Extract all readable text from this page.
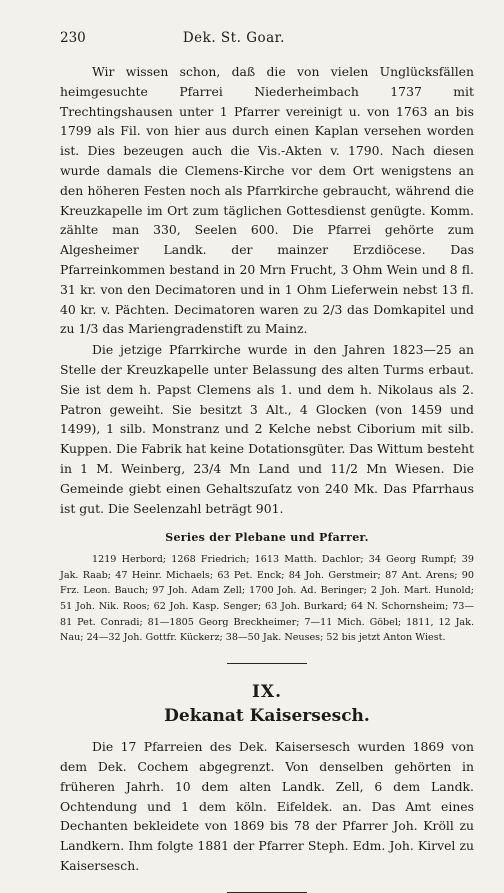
230	Dek. St. Goar.

Wir wissen schon, daß die von vielen Unglücksfällen heimgesuchte Pfarrei Niederheimbach 1737 mit Trechtingshausen unter 1 Pfarrer vereinigt u. von 1763 an bis 1799 als Fil. von hier aus durch einen Kaplan versehen worden ist. Dies bezeugen auch die Vis.-Akten v. 1790. Nach diesen wurde damals die Clemens-Kirche vor dem Ort wenigstens an den höheren Festen noch als Pfarrkirche gebraucht, während die Kreuzkapelle im Ort zum täglichen Gottesdienst genügte. Komm. zählte man 330, Seelen 600. Die Pfarrei gehörte zum Algesheimer Landk. der mainzer Erzdiöcese. Das Pfarreinkommen bestand in 20 Mrn Frucht, 3 Ohm Wein und 8 fl. 31 kr. von den Decimatoren und in 1 Ohm Lieferwein nebst 13 fl. 40 kr. v. Pächten. Decimatoren waren zu 2/3 das Domkapitel und zu 1/3 das Mariengradenstift zu Mainz.

Die jetzige Pfarrkirche wurde in den Jahren 1823—25 an Stelle der Kreuzkapelle unter Belassung des alten Turms erbaut. Sie ist dem h. Papst Clemens als 1. und dem h. Nikolaus als 2. Patron geweiht. Sie besitzt 3 Alt., 4 Glocken (von 1459 und 1499), 1 silb. Monstranz und 2 Kelche nebst Ciborium mit silb. Kuppen. Die Fabrik hat keine Dotationsgüter. Das Wittum besteht in 1 M. Weinberg, 23/4 Mn Land und 11/2 Mn Wiesen. Die Gemeinde giebt einen Gehaltszuſatz von 240 Mk. Das Pfarrhaus ist gut. Die Seelenzahl beträgt 901.

Series der Plebane und Pfarrer.

1219 Herbord; 1268 Friedrich; 1613 Matth. Dachlor; 34 Georg Rumpf; 39 Jak. Raab; 47 Heinr. Michaels; 63 Pet. Enck; 84 Joh. Gerstmeir; 87 Ant. Arens; 90 Frz. Leon. Bauch; 97 Joh. Adam Zell; 1700 Joh. Ad. Beringer; 2 Joh. Mart. Hunold; 51 Joh. Nik. Roos; 62 Joh. Kasp. Senger; 63 Joh. Burkard; 64 N. Schornsheim; 73—81 Pet. Conradi; 81—1805 Georg Breckheimer; 7—11 Mich. Göbel; 1811, 12 Jak. Nau; 24—32 Joh. Gottfr. Kückerz; 38—50 Jak. Neuses; 52 bis jetzt Anton Wiest.

IX.
Dekanat Kaisersesch.

Die 17 Pfarreien des Dek. Kaisersesch wurden 1869 von dem Dek. Cochem abgegrenzt. Von denselben gehörten in früheren Jahrh. 10 dem alten Landk. Zell, 6 dem Landk. Ochtendung und 1 dem köln. Eifeldek. an. Das Amt eines Dechanten bekleidete von 1869 bis 78 der Pfarrer Joh. Kröll zu Landkern. Ihm folgte 1881 der Pfarrer Steph. Edm. Joh. Kirvel zu Kaisersesch.
